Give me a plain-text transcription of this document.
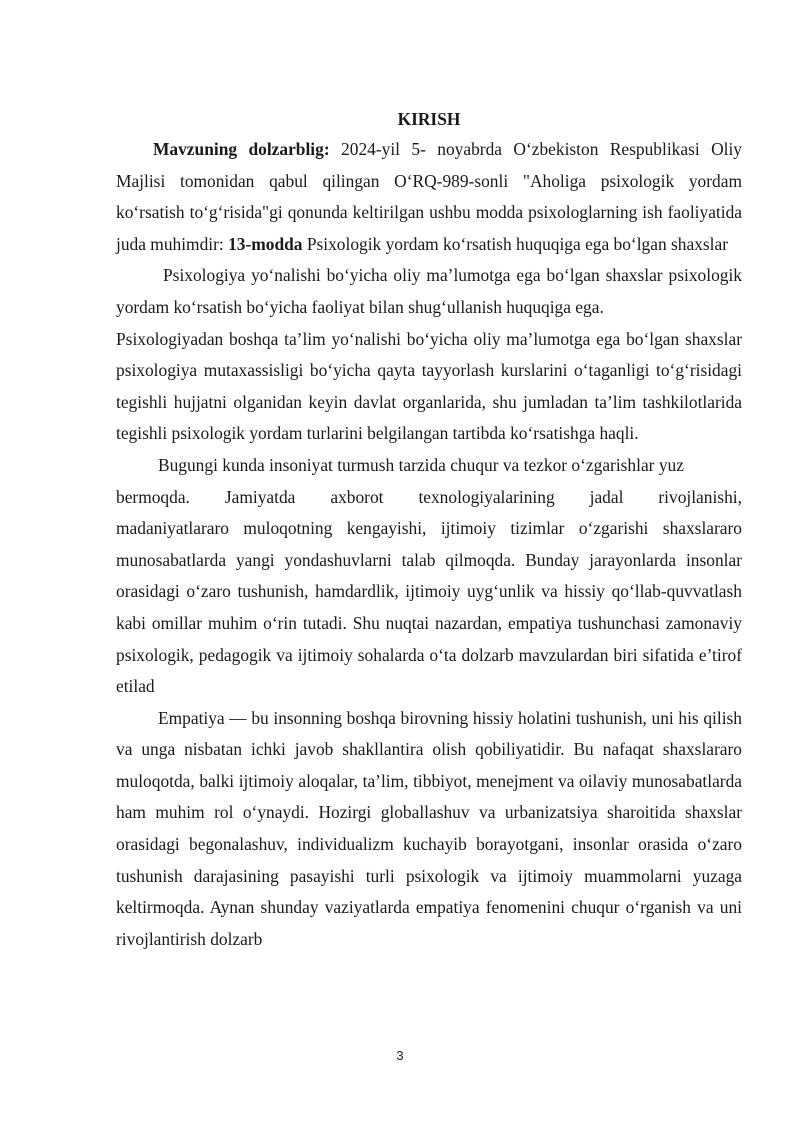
KIRISH

Mavzuning dolzarblig: 2024-yil 5- noyabrda O‘zbekiston Respublikasi Oliy Majlisi tomonidan qabul qilingan O‘RQ-989-sonli "Aholiga psixologik yordam ko‘rsatish to‘g‘risida"gi qonunda keltirilgan ushbu modda psixologlarning ish faoliyatida juda muhimdir: 13-modda Psixologik yordam ko‘rsatish huquqiga ega bo‘lgan shaxslar

Psixologiya yo‘nalishi bo‘yicha oliy ma’lumotga ega bo‘lgan shaxslar psixologik yordam ko‘rsatish bo‘yicha faoliyat bilan shug‘ullanish huquqiga ega.

Psixologiyadan boshqa ta’lim yo‘nalishi bo‘yicha oliy ma’lumotga ega bo‘lgan shaxslar psixologiya mutaxassisligi bo‘yicha qayta tayyorlash kurslarini o‘taganligi to‘g‘risidagi tegishli hujjatni olganidan keyin davlat organlarida, shu jumladan ta’lim tashkilotlarida tegishli psixologik yordam turlarini belgilangan tartibda ko‘rsatishga haqli.

Bugungi kunda insoniyat turmush tarzida chuqur va tezkor o‘zgarishlar yuz

bermoqda. Jamiyatda axborot texnologiyalarining jadal rivojlanishi,

madaniyatlararo muloqotning kengayishi, ijtimoiy tizimlar o‘zgarishi shaxslararo munosabatlarda yangi yondashuvlarni talab qilmoqda. Bunday jarayonlarda insonlar orasidagi o‘zaro tushunish, hamdardlik, ijtimoiy uyg‘unlik va hissiy qo‘llab-quvvatlash kabi omillar muhim o‘rin tutadi. Shu nuqtai nazardan, empatiya tushunchasi zamonaviy psixologik, pedagogik va ijtimoiy sohalarda o‘ta dolzarb mavzulardan biri sifatida e’tirof etilad

Empatiya — bu insonning boshqa birovning hissiy holatini tushunish, uni his qilish va unga nisbatan ichki javob shakllantira olish qobiliyatidir. Bu nafaqat shaxslararo muloqotda, balki ijtimoiy aloqalar, ta’lim, tibbiyot, menejment va oilaviy munosabatlarda ham muhim rol o‘ynaydi. Hozirgi globallashuv va urbanizatsiya sharoitida shaxslar orasidagi begonalashuv, individualizm kuchayib borayotgani, insonlar orasida o‘zaro tushunish darajasining pasayishi turli psixologik va ijtimoiy muammolarni yuzaga keltirmoqda. Aynan shunday vaziyatlarda empatiya fenomenini chuqur o‘rganish va uni rivojlantirish dolzarb

3
